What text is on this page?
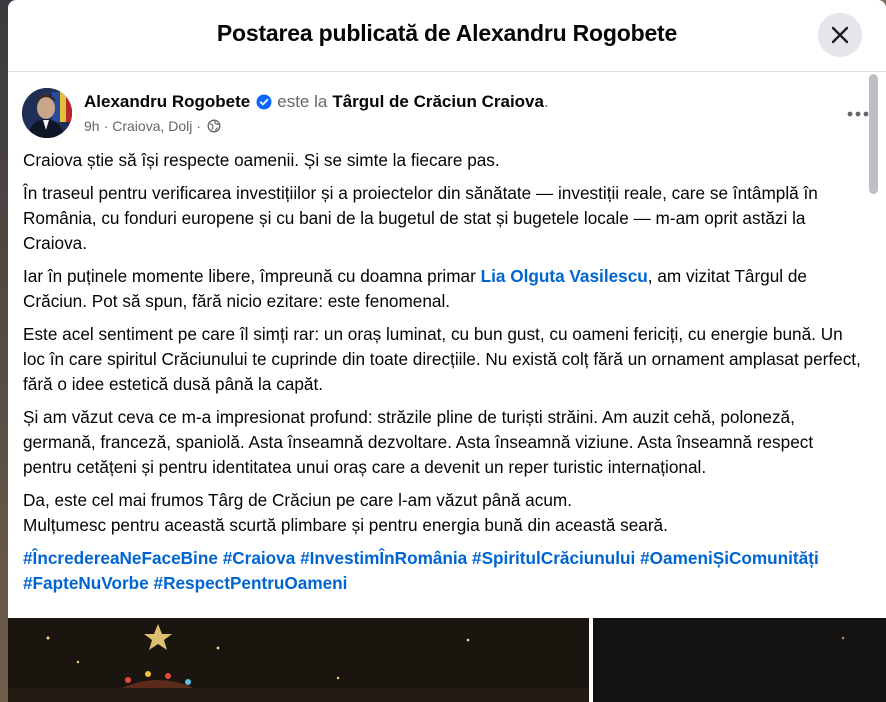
Postarea publicată de Alexandru Rogobete
Alexandru Rogobete este la Târgul de Crăciun Craiova .
9h · Craiova, Dolj ·

Craiova știe să își respecte oamenii. Și se simte la fiecare pas.

În traseul pentru verificarea investițiilor și a proiectelor din sănătate — investiții reale, care se întâmplă în România, cu fonduri europene și cu bani de la bugetul de stat și bugetele locale — m-am oprit astăzi la Craiova.

Iar în puținele momente libere, împreună cu doamna primar Lia Olguta Vasilescu, am vizitat Târgul de Crăciun. Pot să spun, fără nicio ezitare: este fenomenal.

Este acel sentiment pe care îl simți rar: un oraș luminat, cu bun gust, cu oameni fericiți, cu energie bună. Un loc în care spiritul Crăciunului te cuprinde din toate direcțiile. Nu există colț fără un ornament amplasat perfect, fără o idee estetică dusă până la capăt.

Și am văzut ceva ce m-a impresionat profund: străzile pline de turiști străini. Am auzit cehă, poloneză, germană, franceză, spaniolă. Asta înseamnă dezvoltare. Asta înseamnă viziune. Asta înseamnă respect pentru cetățeni și pentru identitatea unui oraș care a devenit un reper turistic internațional.

Da, este cel mai frumos Târg de Crăciun pe care l-am văzut până acum.
Mulțumesc pentru această scurtă plimbare și pentru energia bună din această seară.

#ÎncredereaNeFaceBine #Craiova #InvestimÎnRomânia #SpiritulCrăciunului #OameniȘiComunități #FapteNuVorbe #RespectPentruOameni
